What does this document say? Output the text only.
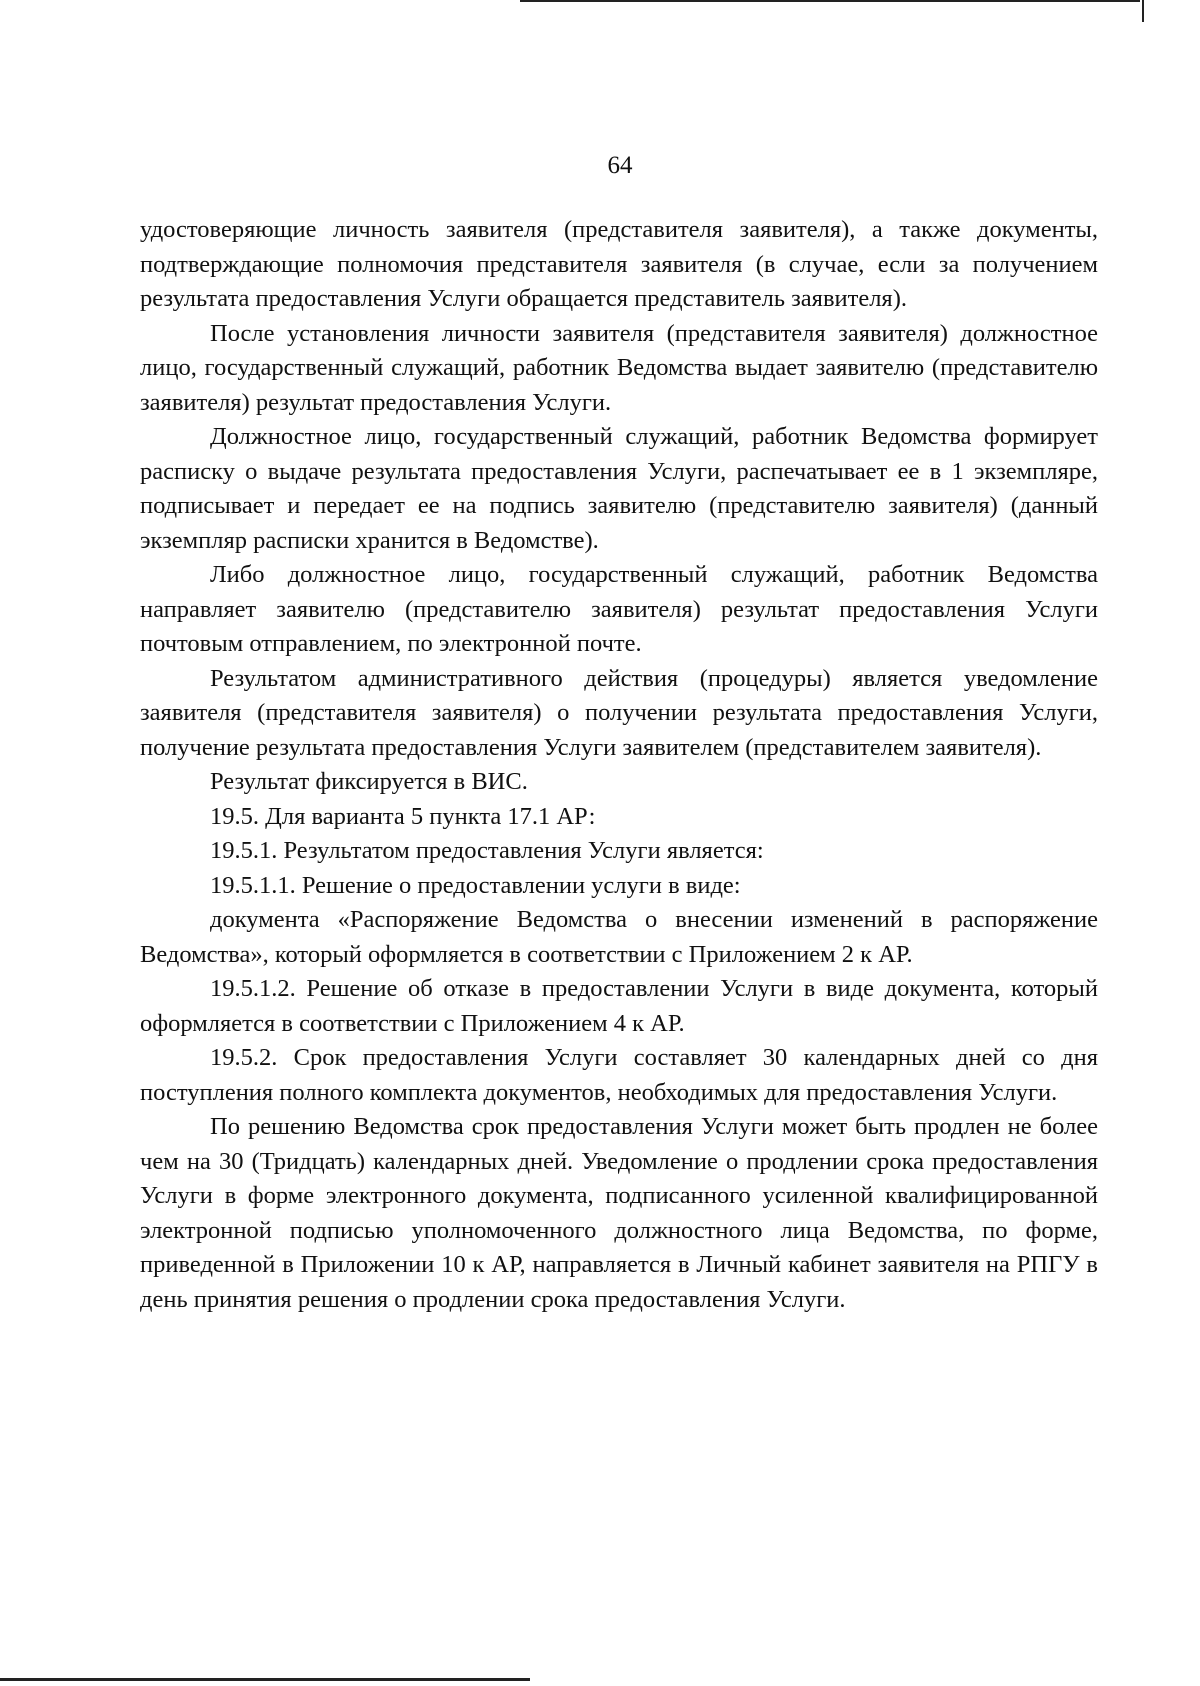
64

удостоверяющие личность заявителя (представителя заявителя), а также документы, подтверждающие полномочия представителя заявителя (в случае, если за получением результата предоставления Услуги обращается представитель заявителя).

После установления личности заявителя (представителя заявителя) должностное лицо, государственный служащий, работник Ведомства выдает заявителю (представителю заявителя) результат предоставления Услуги.

Должностное лицо, государственный служащий, работник Ведомства формирует расписку о выдаче результата предоставления Услуги, распечатывает ее в 1 экземпляре, подписывает и передает ее на подпись заявителю (представителю заявителя) (данный экземпляр расписки хранится в Ведомстве).

Либо должностное лицо, государственный служащий, работник Ведомства направляет заявителю (представителю заявителя) результат предоставления Услуги почтовым отправлением, по электронной почте.

Результатом административного действия (процедуры) является уведомление заявителя (представителя заявителя) о получении результата предоставления Услуги, получение результата предоставления Услуги заявителем (представителем заявителя).

Результат фиксируется в ВИС.

19.5. Для варианта 5 пункта 17.1 АР:

19.5.1. Результатом предоставления Услуги является:

19.5.1.1. Решение о предоставлении услуги в виде:

документа «Распоряжение Ведомства о внесении изменений в распоряжение Ведомства», который оформляется в соответствии с Приложением 2 к АР.

19.5.1.2. Решение об отказе в предоставлении Услуги в виде документа, который оформляется в соответствии с Приложением 4 к АР.

19.5.2. Срок предоставления Услуги составляет 30 календарных дней со дня поступления полного комплекта документов, необходимых для предоставления Услуги.

По решению Ведомства срок предоставления Услуги может быть продлен не более чем на 30 (Тридцать) календарных дней. Уведомление о продлении срока предоставления Услуги в форме электронного документа, подписанного усиленной квалифицированной электронной подписью уполномоченного должностного лица Ведомства, по форме, приведенной в Приложении 10 к АР, направляется в Личный кабинет заявителя на РПГУ в день принятия решения о продлении срока предоставления Услуги.
